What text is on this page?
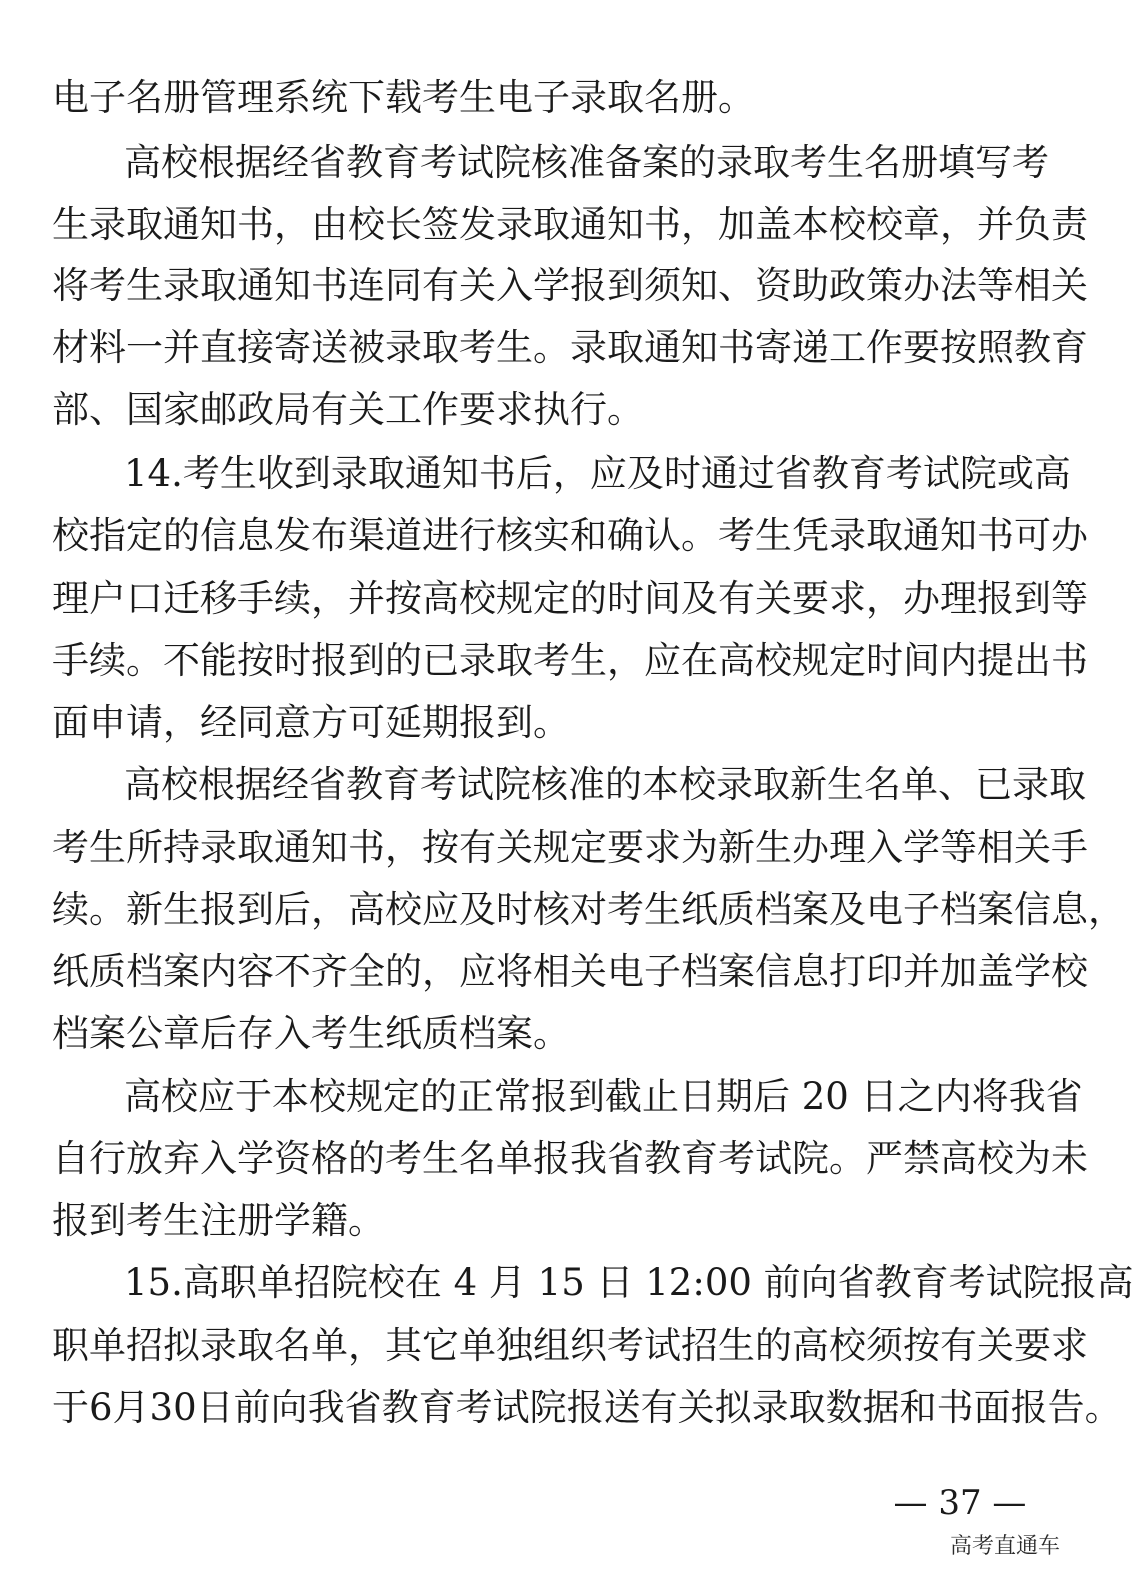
电子名册管理系统下载考生电子录取名册。
高校根据经省教育考试院核准备案的录取考生名册填写考
生录取通知书，由校长签发录取通知书，加盖本校校章，并负责
将考生录取通知书连同有关入学报到须知、资助政策办法等相关
材料一并直接寄送被录取考生。录取通知书寄递工作要按照教育
部、国家邮政局有关工作要求执行。
14.考生收到录取通知书后，应及时通过省教育考试院或高
校指定的信息发布渠道进行核实和确认。考生凭录取通知书可办
理户口迁移手续，并按高校规定的时间及有关要求，办理报到等
手续。不能按时报到的已录取考生，应在高校规定时间内提出书
面申请，经同意方可延期报到。
高校根据经省教育考试院核准的本校录取新生名单、已录取
考生所持录取通知书，按有关规定要求为新生办理入学等相关手
续。新生报到后，高校应及时核对考生纸质档案及电子档案信息，
纸质档案内容不齐全的，应将相关电子档案信息打印并加盖学校
档案公章后存入考生纸质档案。
高校应于本校规定的正常报到截止日期后 20 日之内将我省
自行放弃入学资格的考生名单报我省教育考试院。严禁高校为未
报到考生注册学籍。
15.高职单招院校在 4 月 15 日 12:00 前向省教育考试院报高
职单招拟录取名单，其它单独组织考试招生的高校须按有关要求
于6月30日前向我省教育考试院报送有关拟录取数据和书面报告。
— 37 —
高考直通车
